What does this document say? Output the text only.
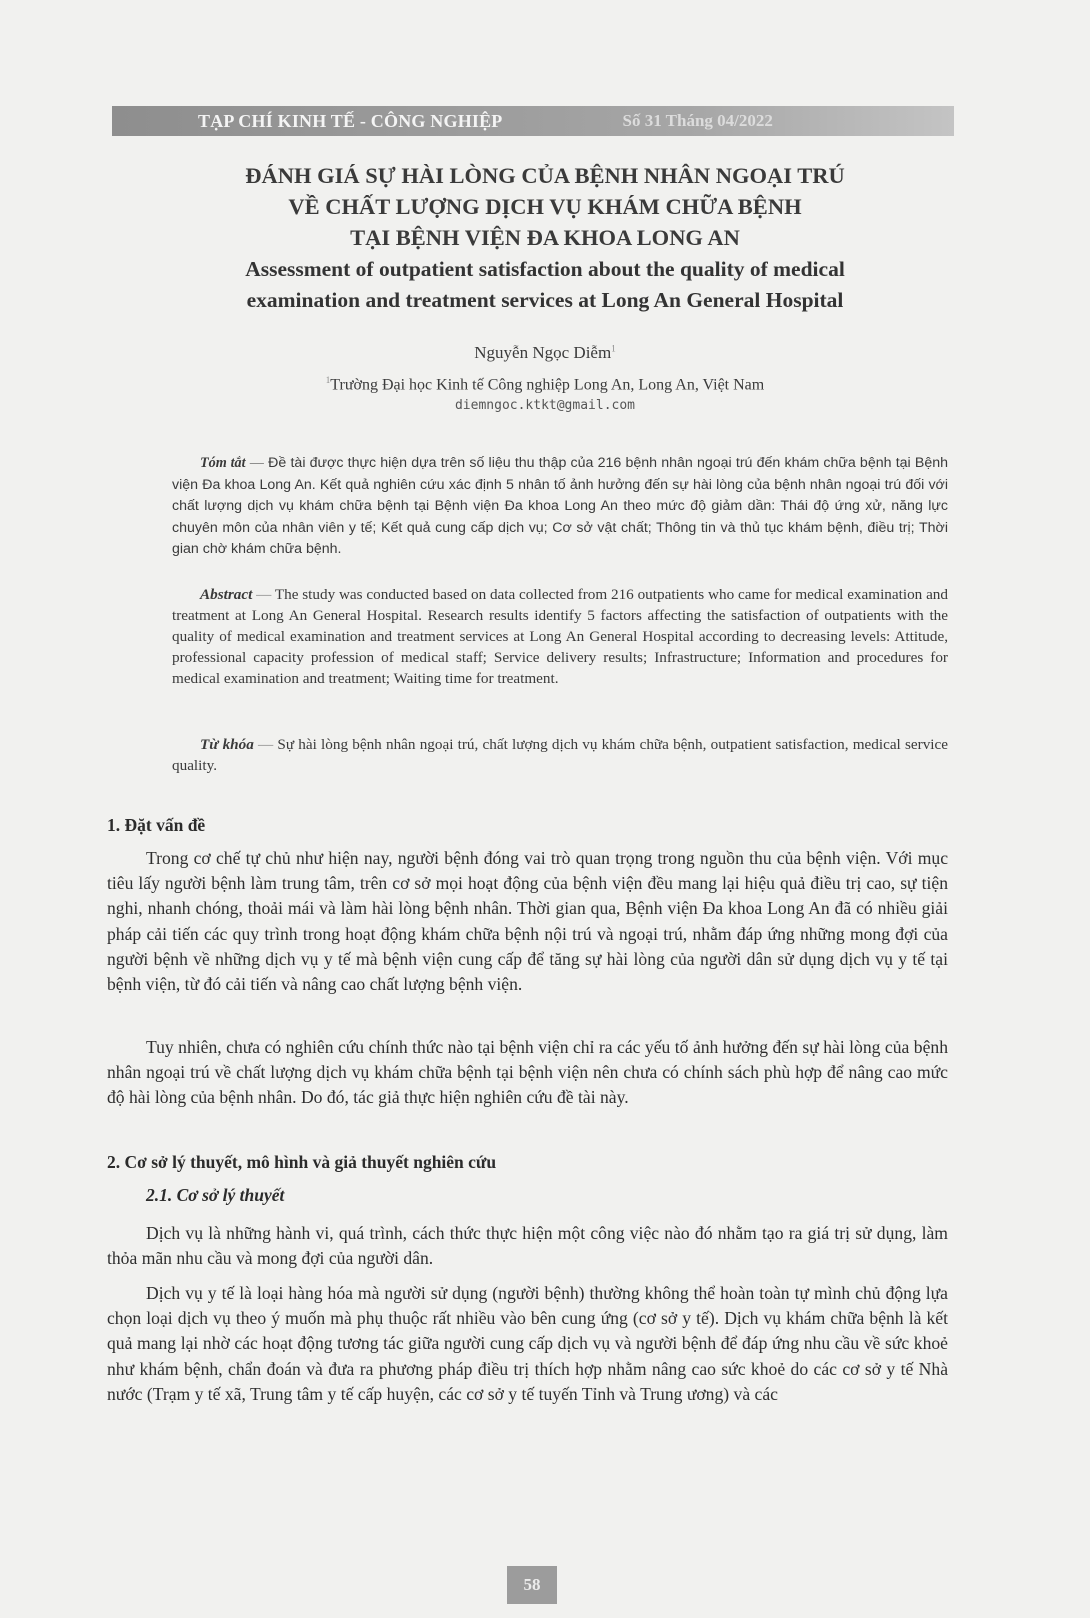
TẠP CHÍ KINH TẾ - CÔNG NGHIỆP	Số 31 Tháng 04/2022
ĐÁNH GIÁ SỰ HÀI LÒNG CỦA BỆNH NHÂN NGOẠI TRÚ
VỀ CHẤT LƯỢNG DỊCH VỤ KHÁM CHỮA BỆNH
TẠI BỆNH VIỆN ĐA KHOA LONG AN
Assessment of outpatient satisfaction about the quality of medical
examination and treatment services at Long An General Hospital
Nguyễn Ngọc Diễm$^1$
$^1$Trường Đại học Kinh tế Công nghiệp Long An, Long An, Việt Nam
diemngoc.ktkt@gmail.com
Tóm tắt — Đề tài được thực hiện dựa trên số liệu thu thập của 216 bệnh nhân ngoại trú đến khám chữa bệnh tại Bệnh viện Đa khoa Long An. Kết quả nghiên cứu xác định 5 nhân tố ảnh hưởng đến sự hài lòng của bệnh nhân ngoại trú đối với chất lượng dịch vụ khám chữa bệnh tại Bệnh viện Đa khoa Long An theo mức độ giảm dần: Thái độ ứng xử, năng lực chuyên môn của nhân viên y tế; Kết quả cung cấp dịch vụ; Cơ sở vật chất; Thông tin và thủ tục khám bệnh, điều trị; Thời gian chờ khám chữa bệnh.
Abstract — The study was conducted based on data collected from 216 outpatients who came for medical examination and treatment at Long An General Hospital. Research results identify 5 factors affecting the satisfaction of outpatients with the quality of medical examination and treatment services at Long An General Hospital according to decreasing levels: Attitude, professional capacity profession of medical staff; Service delivery results; Infrastructure; Information and procedures for medical examination and treatment; Waiting time for treatment.
Từ khóa — Sự hài lòng bệnh nhân ngoại trú, chất lượng dịch vụ khám chữa bệnh, outpatient satisfaction, medical service quality.
1. Đặt vấn đề
Trong cơ chế tự chủ như hiện nay, người bệnh đóng vai trò quan trọng trong nguồn thu của bệnh viện. Với mục tiêu lấy người bệnh làm trung tâm, trên cơ sở mọi hoạt động của bệnh viện đều mang lại hiệu quả điều trị cao, sự tiện nghi, nhanh chóng, thoải mái và làm hài lòng bệnh nhân. Thời gian qua, Bệnh viện Đa khoa Long An đã có nhiều giải pháp cải tiến các quy trình trong hoạt động khám chữa bệnh nội trú và ngoại trú, nhằm đáp ứng những mong đợi của người bệnh về những dịch vụ y tế mà bệnh viện cung cấp để tăng sự hài lòng của người dân sử dụng dịch vụ y tế tại bệnh viện, từ đó cải tiến và nâng cao chất lượng bệnh viện.
Tuy nhiên, chưa có nghiên cứu chính thức nào tại bệnh viện chỉ ra các yếu tố ảnh hưởng đến sự hài lòng của bệnh nhân ngoại trú về chất lượng dịch vụ khám chữa bệnh tại bệnh viện nên chưa có chính sách phù hợp để nâng cao mức độ hài lòng của bệnh nhân. Do đó, tác giả thực hiện nghiên cứu đề tài này.
2. Cơ sở lý thuyết, mô hình và giả thuyết nghiên cứu
2.1. Cơ sở lý thuyết
Dịch vụ là những hành vi, quá trình, cách thức thực hiện một công việc nào đó nhằm tạo ra giá trị sử dụng, làm thỏa mãn nhu cầu và mong đợi của người dân.
Dịch vụ y tế là loại hàng hóa mà người sử dụng (người bệnh) thường không thể hoàn toàn tự mình chủ động lựa chọn loại dịch vụ theo ý muốn mà phụ thuộc rất nhiều vào bên cung ứng (cơ sở y tế). Dịch vụ khám chữa bệnh là kết quả mang lại nhờ các hoạt động tương tác giữa người cung cấp dịch vụ và người bệnh để đáp ứng nhu cầu về sức khoẻ như khám bệnh, chẩn đoán và đưa ra phương pháp điều trị thích hợp nhằm nâng cao sức khoẻ do các cơ sở y tế Nhà nước (Trạm y tế xã, Trung tâm y tế cấp huyện, các cơ sở y tế tuyến Tỉnh và Trung ương) và các
58
